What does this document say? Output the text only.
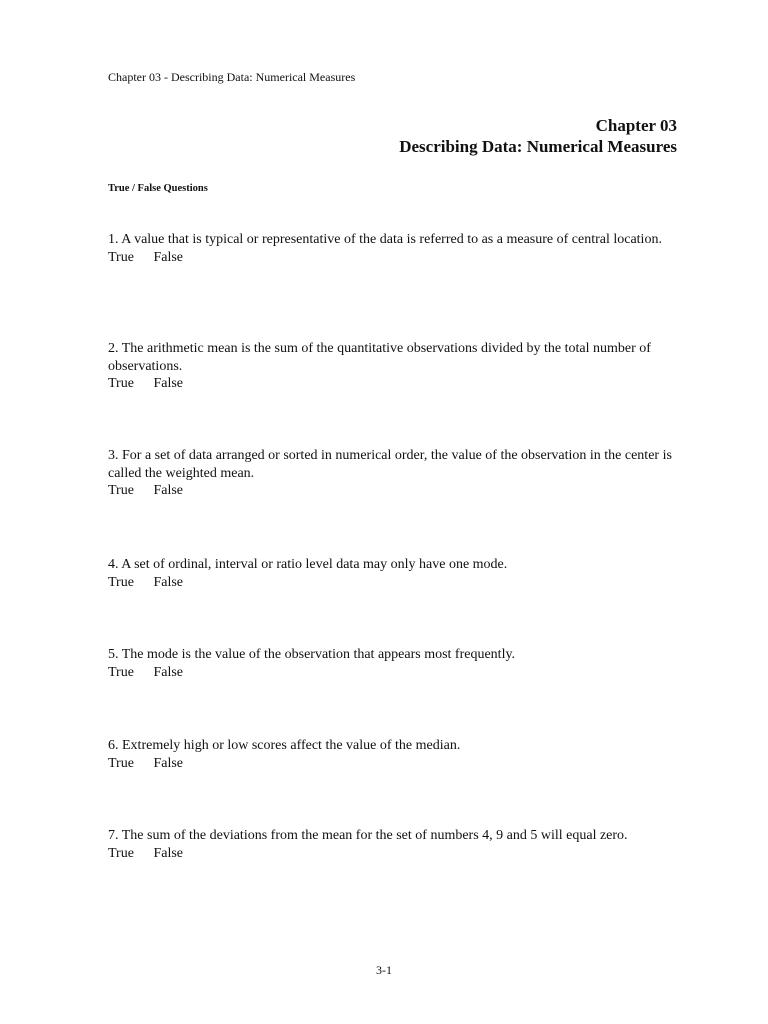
Chapter 03 - Describing Data: Numerical Measures
Chapter 03
Describing Data: Numerical Measures
True / False Questions
1. A value that is typical or representative of the data is referred to as a measure of central location.
True False
2. The arithmetic mean is the sum of the quantitative observations divided by the total number of observations.
True False
3. For a set of data arranged or sorted in numerical order, the value of the observation in the center is called the weighted mean.
True False
4. A set of ordinal, interval or ratio level data may only have one mode.
True False
5. The mode is the value of the observation that appears most frequently.
True False
6. Extremely high or low scores affect the value of the median.
True False
7. The sum of the deviations from the mean for the set of numbers 4, 9 and 5 will equal zero.
True False
3-1
